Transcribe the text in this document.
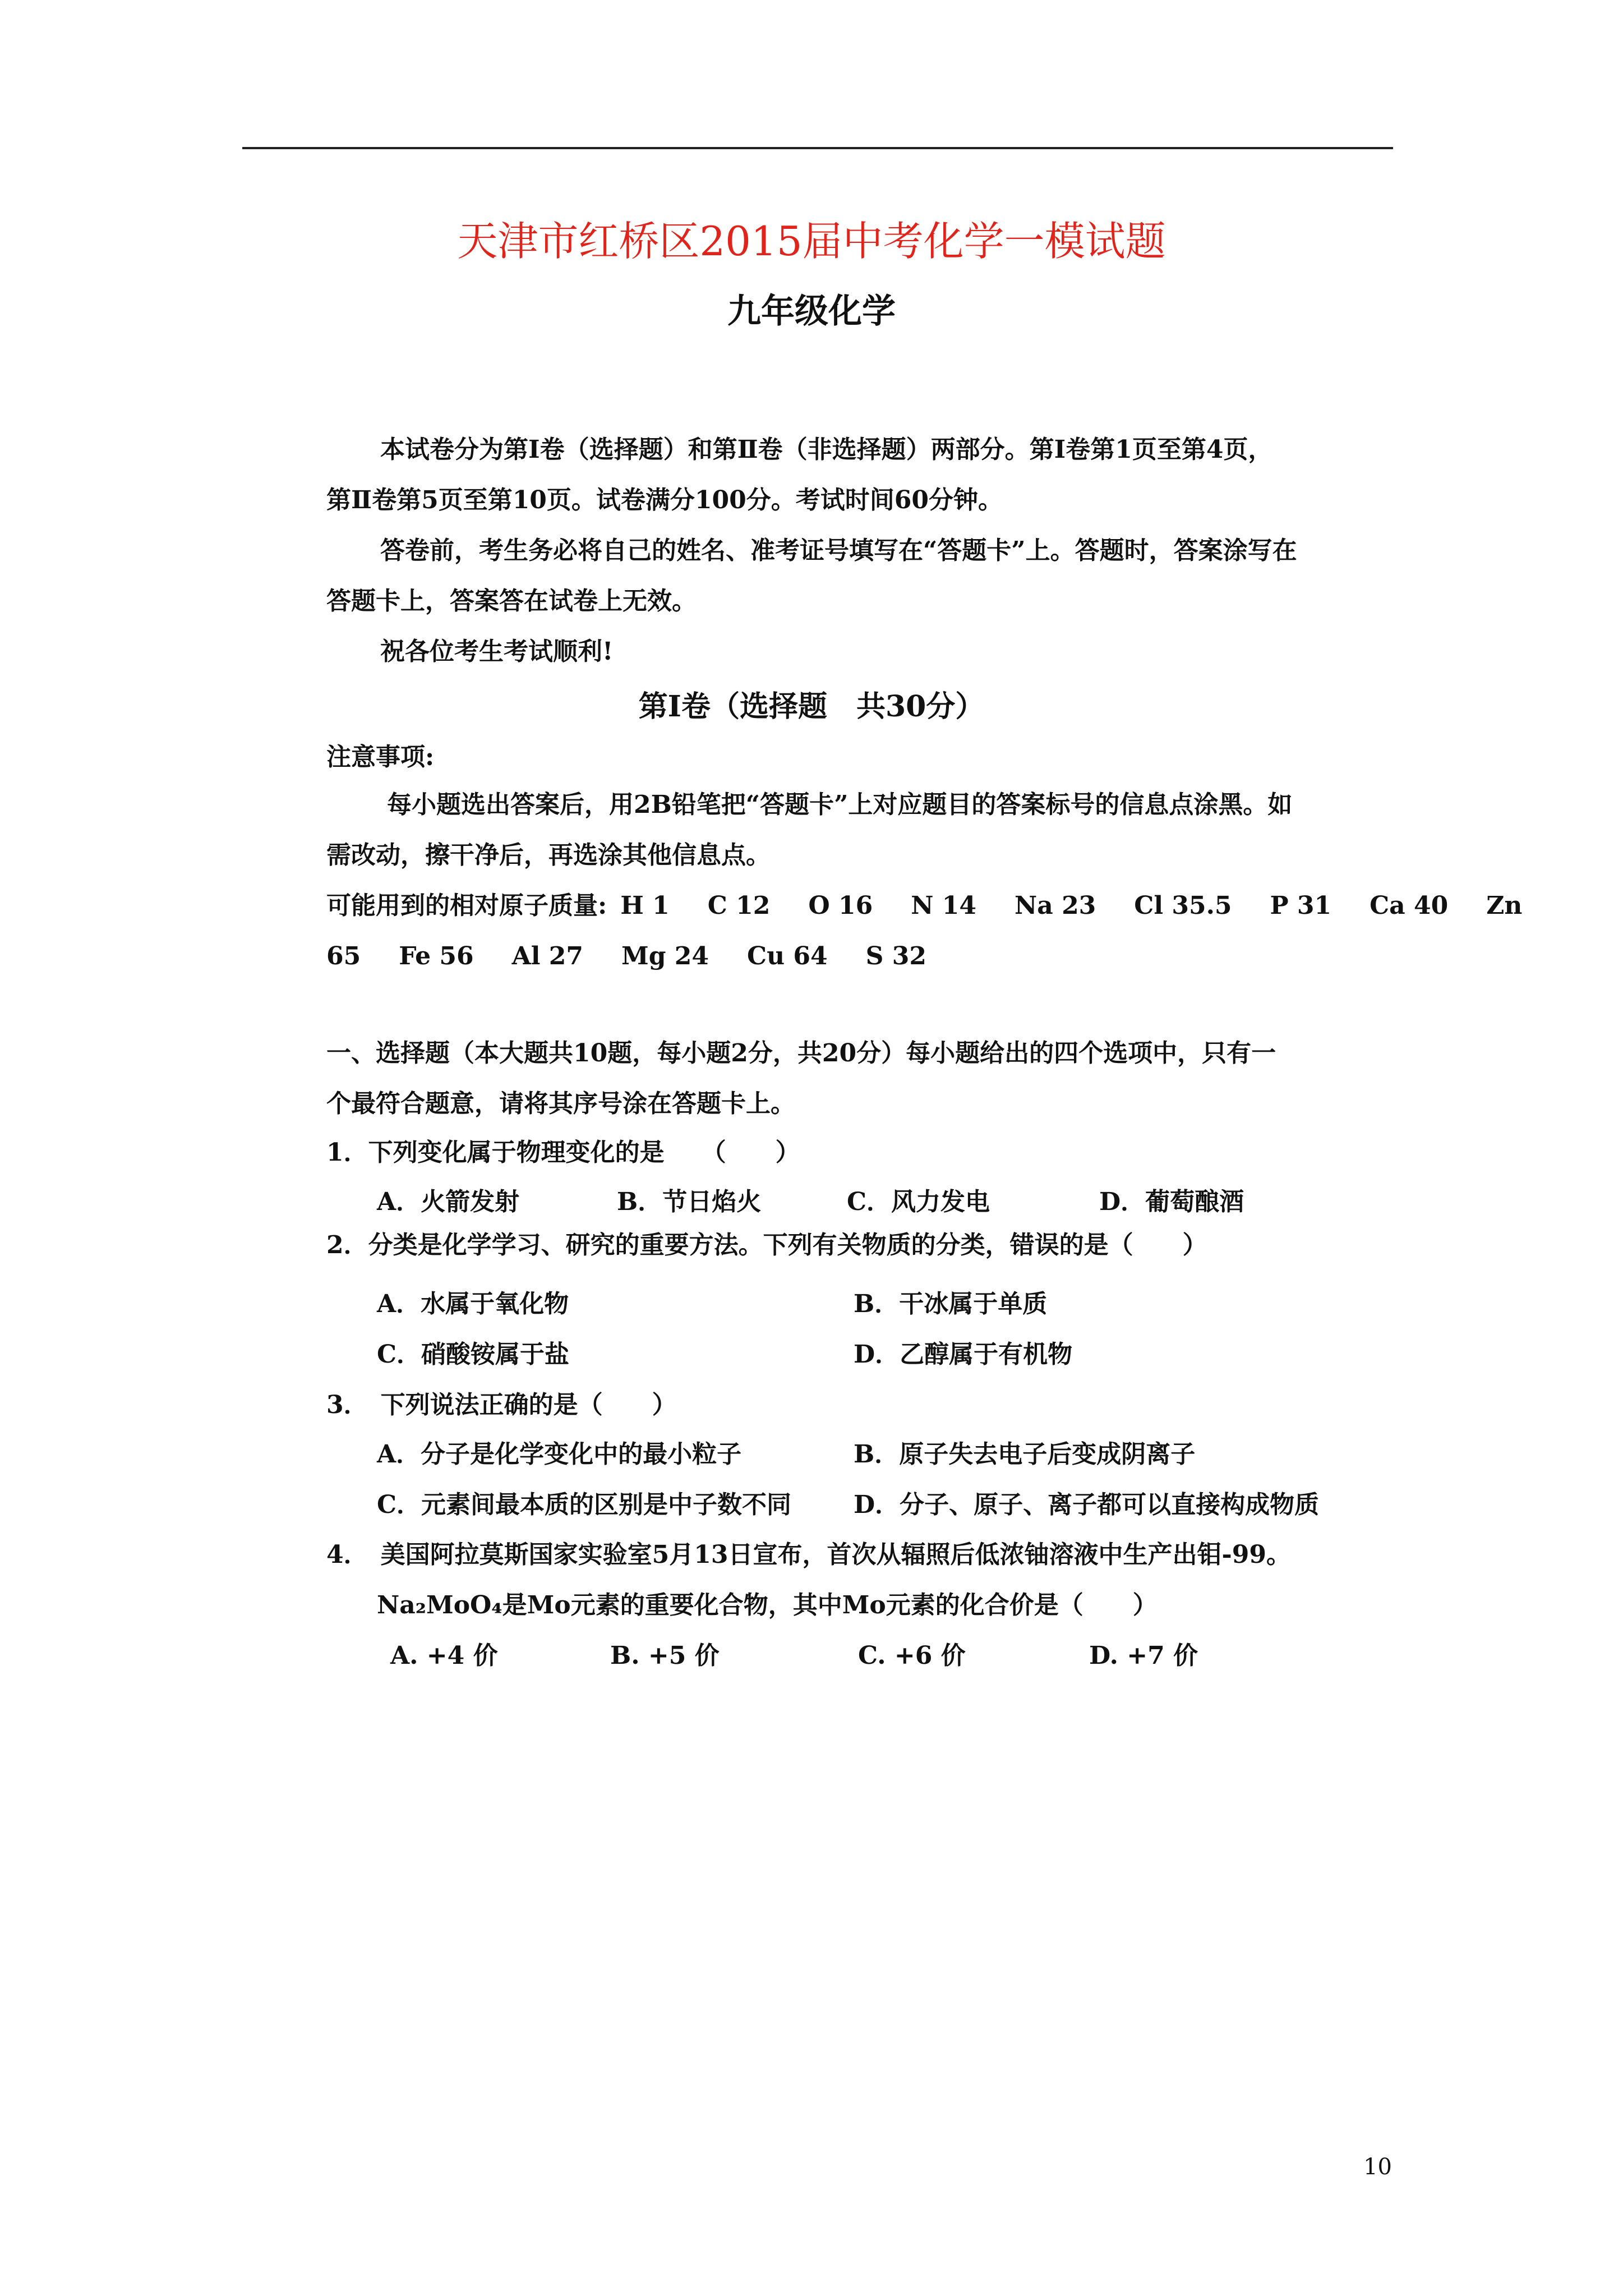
天津市红桥区2015届中考化学一模试题
九年级化学
本试卷分为第Ⅰ卷（选择题）和第Ⅱ卷（非选择题）两部分。第Ⅰ卷第1页至第4页，
第Ⅱ卷第5页至第10页。试卷满分100分。考试时间60分钟。
答卷前，考生务必将自己的姓名、准考证号填写在“答题卡”上。答题时，答案涂写在
答题卡上，答案答在试卷上无效。
祝各位考生考试顺利!
第Ⅰ卷（选择题　共30分）
注意事项:
每小题选出答案后，用2B铅笔把“答题卡”上对应题目的答案标号的信息点涂黑。如
需改动，擦干净后，再选涂其他信息点。
可能用到的相对原子质量: H 1 C 12 O 16 N 14 Na 23 Cl 35.5 P 31 Ca 40 Zn
65 Fe 56 Al 27 Mg 24 Cu 64 S 32
一、选择题（本大题共10题，每小题2分，共20分）每小题给出的四个选项中，只有一
个最符合题意，请将其序号涂在答题卡上。
1．下列变化属于物理变化的是　　（　　）
A．火箭发射	B．节日焰火	C．风力发电	D．葡萄酿酒
2．分类是化学学习、研究的重要方法。下列有关物质的分类，错误的是（　　）
A．水属于氧化物	B．干冰属于单质
C．硝酸铵属于盐	D．乙醇属于有机物
3．　下列说法正确的是（　　）
A．分子是化学变化中的最小粒子	B．原子失去电子后变成阴离子
C．元素间最本质的区别是中子数不同	D．分子、原子、离子都可以直接构成物质
4．　美国阿拉莫斯国家实验室5月13日宣布，首次从辐照后低浓铀溶液中生产出钼-99。
Na₂MoO₄是Mo元素的重要化合物，其中Mo元素的化合价是（　　）
A. +4 价	B. +5 价	C. +6 价	D. +7 价
10
